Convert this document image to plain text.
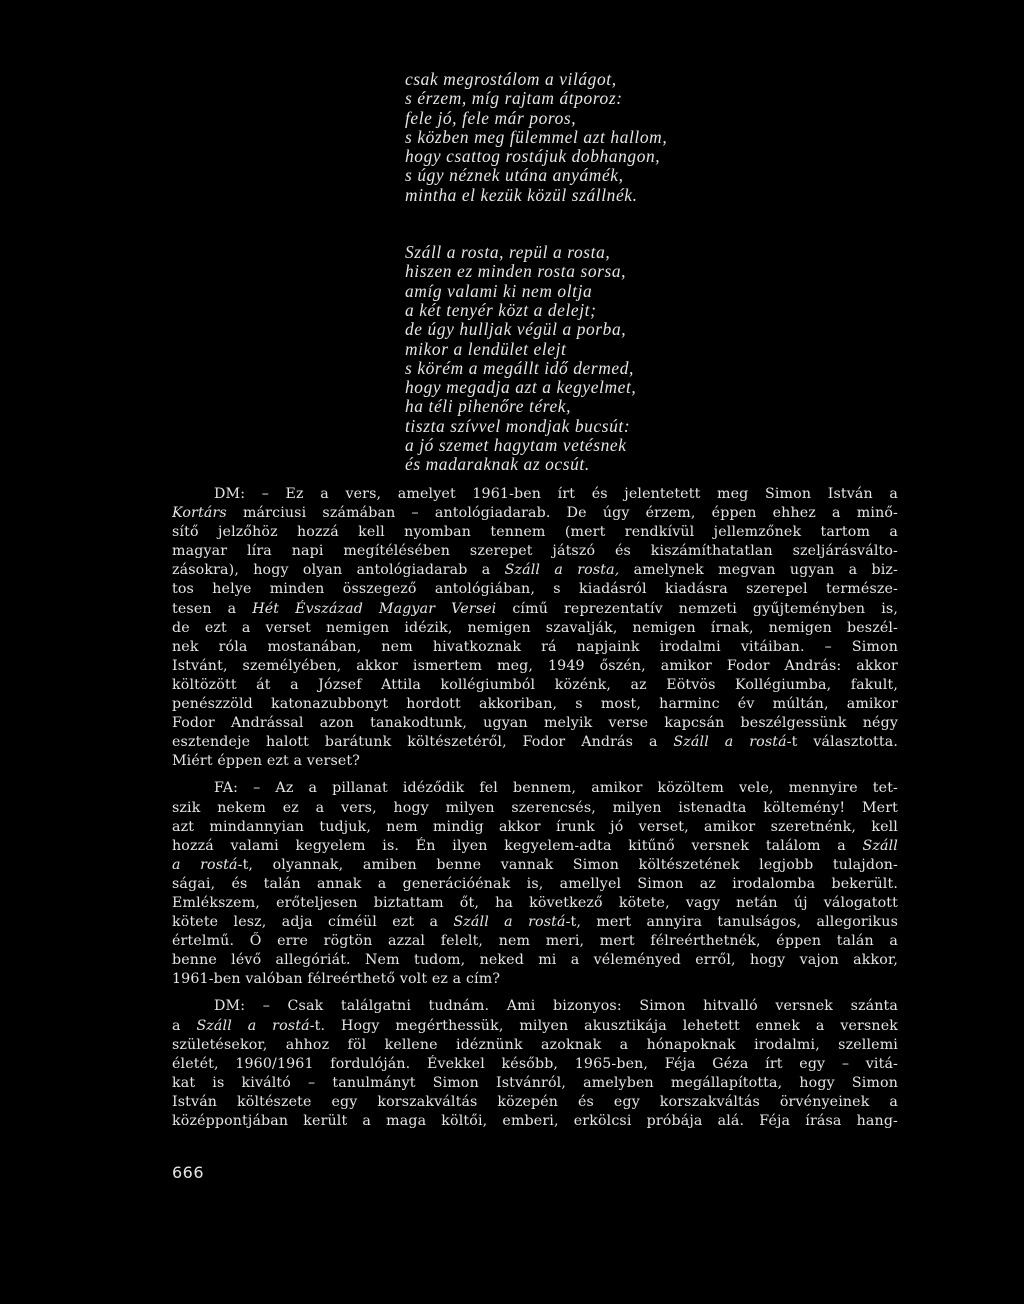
csak megrostálom a világot,
s érzem, míg rajtam átporoz:
fele jó, fele már poros,
s közben meg fülemmel azt hallom,
hogy csattog rostájuk dobhangon,
s úgy néznek utána anyámék,
mintha el kezük közül szállnék.
Száll a rosta, repül a rosta,
hiszen ez minden rosta sorsa,
amíg valami ki nem oltja
a két tenyér közt a delejt;
de úgy hulljak végül a porba,
mikor a lendület elejt
s körém a megállt idő dermed,
hogy megadja azt a kegyelmet,
ha téli pihenőre térek,
tiszta szívvel mondjak bucsút:
a jó szemet hagytam vetésnek
és madaraknak az ocsút.
DM: – Ez a vers, amelyet 1961-ben írt és jelentetett meg Simon István a
Kortárs márciusi számában – antológiadarab. De úgy érzem, éppen ehhez a minő-
sítő jelzőhöz hozzá kell nyomban tennem (mert rendkívül jellemzőnek tartom a
magyar líra napi megítélésében szerepet játszó és kiszámíthatatlan szeljárásválto-
zásokra), hogy olyan antológiadarab a Száll a rosta, amelynek megvan ugyan a biz-
tos helye minden összegező antológiában, s kiadásról kiadásra szerepel természe-
tesen a Hét Évszázad Magyar Versei című reprezentatív nemzeti gyűjteményben is,
de ezt a verset nemigen idézik, nemigen szavalják, nemigen írnak, nemigen beszél-
nek róla mostanában, nem hivatkoznak rá napjaink irodalmi vitáiban. – Simon
Istvánt, személyében, akkor ismertem meg, 1949 őszén, amikor Fodor András: akkor
költözött át a József Attila kollégiumból közénk, az Eötvös Kollégiumba, fakult,
penészzöld katonazubbonyt hordott akkoriban, s most, harminc év múltán, amikor
Fodor Andrással azon tanakodtunk, ugyan melyik verse kapcsán beszélgessünk négy
esztendeje halott barátunk költészetéről, Fodor András a Száll a rostá-t választotta.
Miért éppen ezt a verset?
FA: – Az a pillanat idéződik fel bennem, amikor közöltem vele, mennyire tet-
szik nekem ez a vers, hogy milyen szerencsés, milyen istenadta költemény! Mert
azt mindannyian tudjuk, nem mindig akkor írunk jó verset, amikor szeretnénk, kell
hozzá valami kegyelem is. Én ilyen kegyelem-adta kitűnő versnek találom a Száll
a rostá-t, olyannak, amiben benne vannak Simon költészetének legjobb tulajdon-
ságai, és talán annak a generációénak is, amellyel Simon az irodalomba bekerült.
Emlékszem, erőteljesen biztattam őt, ha következő kötete, vagy netán új válogatott
kötete lesz, adja címéül ezt a Száll a rostá-t, mert annyira tanulságos, allegorikus
értelmű. Ő erre rögtön azzal felelt, nem meri, mert félreérthetnék, éppen talán a
benne lévő allegóriát. Nem tudom, neked mi a véleményed erről, hogy vajon akkor,
1961-ben valóban félreérthető volt ez a cím?
DM: – Csak találgatni tudnám. Ami bizonyos: Simon hitvalló versnek szánta
a Száll a rostá-t. Hogy megérthessük, milyen akusztikája lehetett ennek a versnek
születésekor, ahhoz föl kellene idéznünk azoknak a hónapoknak irodalmi, szellemi
életét, 1960/1961 fordulóján. Évekkel később, 1965-ben, Féja Géza írt egy – vitá-
kat is kiváltó – tanulmányt Simon Istvánról, amelyben megállapította, hogy Simon
István költészete egy korszakváltás közepén és egy korszakváltás örvényeinek a
középpontjában került a maga költői, emberi, erkölcsi próbája alá. Féja írása hang-
666
